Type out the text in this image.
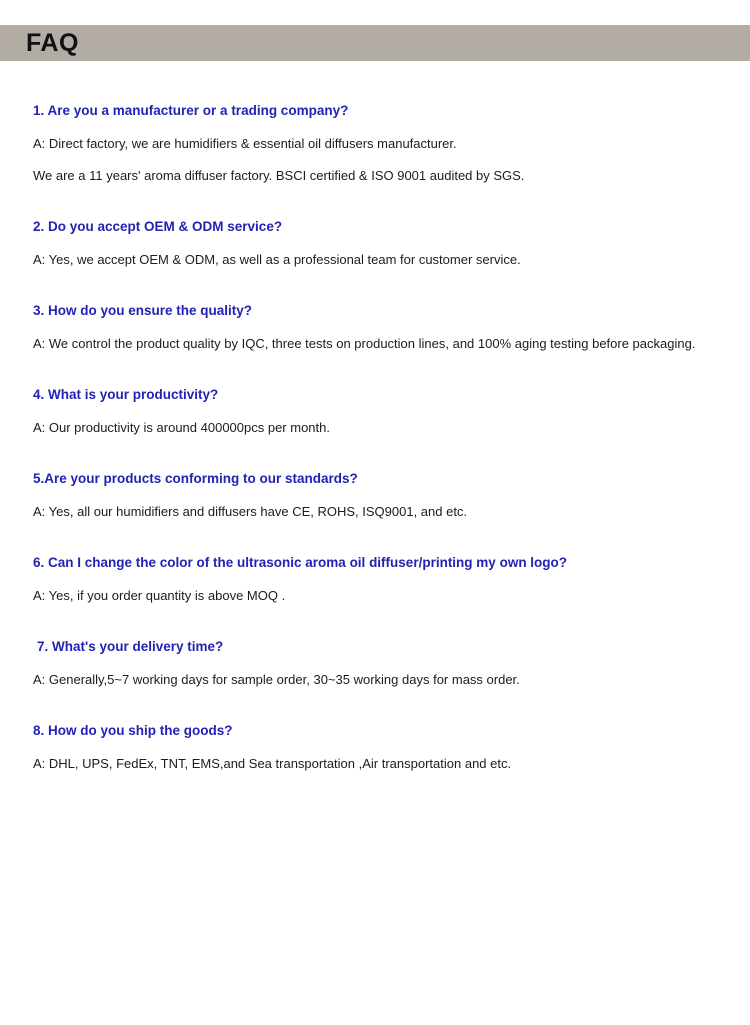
FAQ
1. Are you a manufacturer or a trading company?

A: Direct factory, we are humidifiers & essential oil diffusers manufacturer.

We are a 11 years' aroma diffuser factory. BSCI certified & ISO 9001 audited by SGS.

2. Do you accept OEM & ODM service?

A: Yes, we accept OEM & ODM, as well as a professional team for customer service.

3. How do you ensure the quality?

A: We control the product quality by IQC, three tests on production lines, and 100% aging testing before packaging.

4. What is your productivity?

A: Our productivity is around 400000pcs per month.

5.Are your products conforming to our standards?

A: Yes, all our humidifiers and diffusers have CE, ROHS, ISQ9001, and etc.

6. Can I change the color of the ultrasonic aroma oil diffuser/printing my own logo?

A: Yes, if you order quantity is above MOQ .

7. What's your delivery time?

A: Generally,5~7 working days for sample order, 30~35 working days for mass order.

8. How do you ship the goods?

A: DHL, UPS, FedEx, TNT, EMS,and Sea transportation ,Air transportation and etc.
